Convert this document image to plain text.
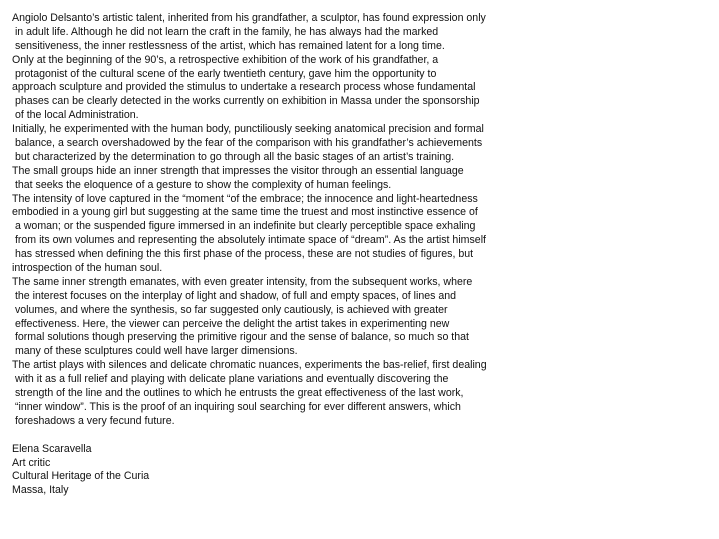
Angiolo Delsanto’s artistic talent, inherited from his grandfather, a sculptor, has found expression only
in adult life. Although he did not learn the craft in the family, he has always had the marked
sensitiveness, the inner restlessness of the artist, which has remained latent for a long time.
Only at the beginning of the 90’s, a retrospective exhibition of the work of his grandfather, a
protagonist of the cultural scene of the early twentieth century, gave him the opportunity to
approach sculpture and provided the stimulus to undertake a research process whose fundamental
phases can be clearly detected in the works currently on exhibition in Massa under the sponsorship
of the local Administration.
Initially, he experimented with the human body, punctiliously seeking anatomical precision and formal
balance, a search overshadowed by the fear of the comparison with his grandfather’s achievements
but characterized by the determination to go through all the basic stages of an artist’s training.
The small groups hide an inner strength that impresses the visitor through an essential language
that seeks the eloquence of a gesture to show the complexity of human feelings.
The intensity of love captured in the “moment “of the embrace; the innocence and light-heartedness
embodied in a young girl but suggesting at the same time the truest and most instinctive essence of
a woman; or the suspended figure immersed in an indefinite but clearly perceptible space exhaling
from its own volumes and representing the absolutely intimate space of “dream”. As the artist himself
has stressed when defining the this first phase of the process, these are not studies of figures, but
introspection of the human soul.
The same inner strength emanates, with even greater intensity, from the subsequent works, where
the interest focuses on the interplay of light and shadow, of full and empty spaces, of lines and
volumes, and where the synthesis, so far suggested only cautiously, is achieved with greater
effectiveness. Here, the viewer can perceive the delight the artist takes in experimenting new
formal solutions though preserving the primitive rigour and the sense of balance, so much so that
many of these sculptures could well have larger dimensions.
The artist plays with silences and delicate chromatic nuances, experiments the bas-relief, first dealing
with it as a full relief and playing with delicate plane variations and eventually discovering the
strength of the line and the outlines to which he entrusts the great effectiveness of the last work,
“inner window”. This is the proof of an inquiring soul searching for ever different answers, which
foreshadows a very fecund future.
Elena Scaravella
Art critic
Cultural Heritage of the Curia
Massa, Italy
